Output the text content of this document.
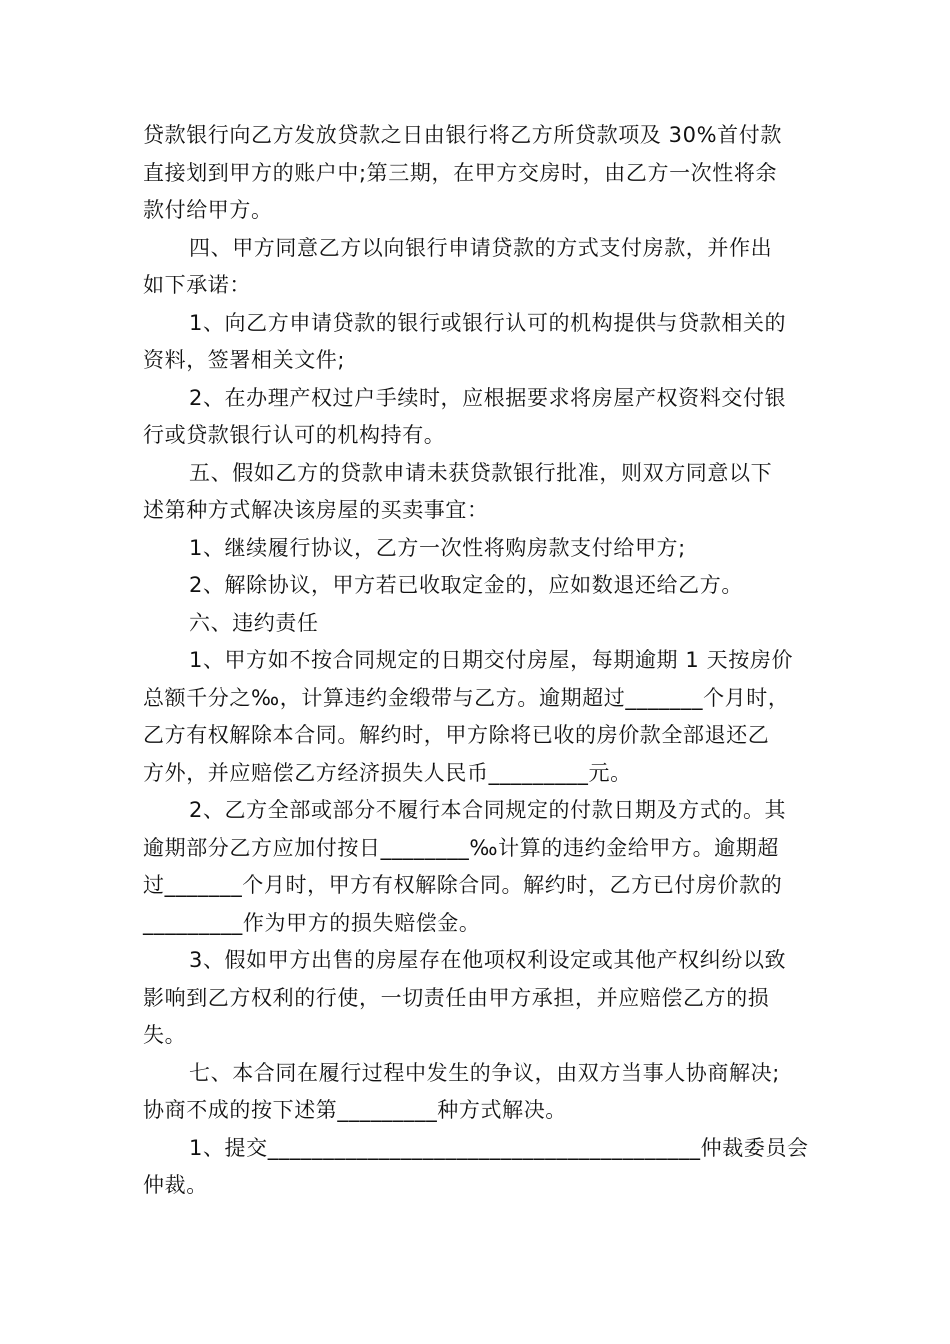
贷款银行向乙方发放贷款之日由银行将乙方所贷款项及 30%首付款
直接划到甲方的账户中;第三期，在甲方交房时，由乙方一次性将余
款付给甲方。
四、甲方同意乙方以向银行申请贷款的方式支付房款，并作出
如下承诺：
1、向乙方申请贷款的银行或银行认可的机构提供与贷款相关的
资料，签署相关文件;
2、在办理产权过户手续时，应根据要求将房屋产权资料交付银
行或贷款银行认可的机构持有。
五、假如乙方的贷款申请未获贷款银行批准，则双方同意以下
述第种方式解决该房屋的买卖事宜：
1、继续履行协议，乙方一次性将购房款支付给甲方;
2、解除协议，甲方若已收取定金的，应如数退还给乙方。
六、违约责任
1、甲方如不按合同规定的日期交付房屋，每期逾期 1 天按房价
总额千分之‰，计算违约金缎带与乙方。逾期超过_______个月时，
乙方有权解除本合同。解约时，甲方除将已收的房价款全部退还乙
方外，并应赔偿乙方经济损失人民币_________元。
2、乙方全部或部分不履行本合同规定的付款日期及方式的。其
逾期部分乙方应加付按日________‰计算的违约金给甲方。逾期超
过_______个月时，甲方有权解除合同。解约时，乙方已付房价款的
_________作为甲方的损失赔偿金。
3、假如甲方出售的房屋存在他项权利设定或其他产权纠纷以致
影响到乙方权利的行使，一切责任由甲方承担，并应赔偿乙方的损
失。
七、本合同在履行过程中发生的争议，由双方当事人协商解决;
协商不成的按下述第_________种方式解决。
1、提交_______________________________________仲裁委员会
仲裁。
